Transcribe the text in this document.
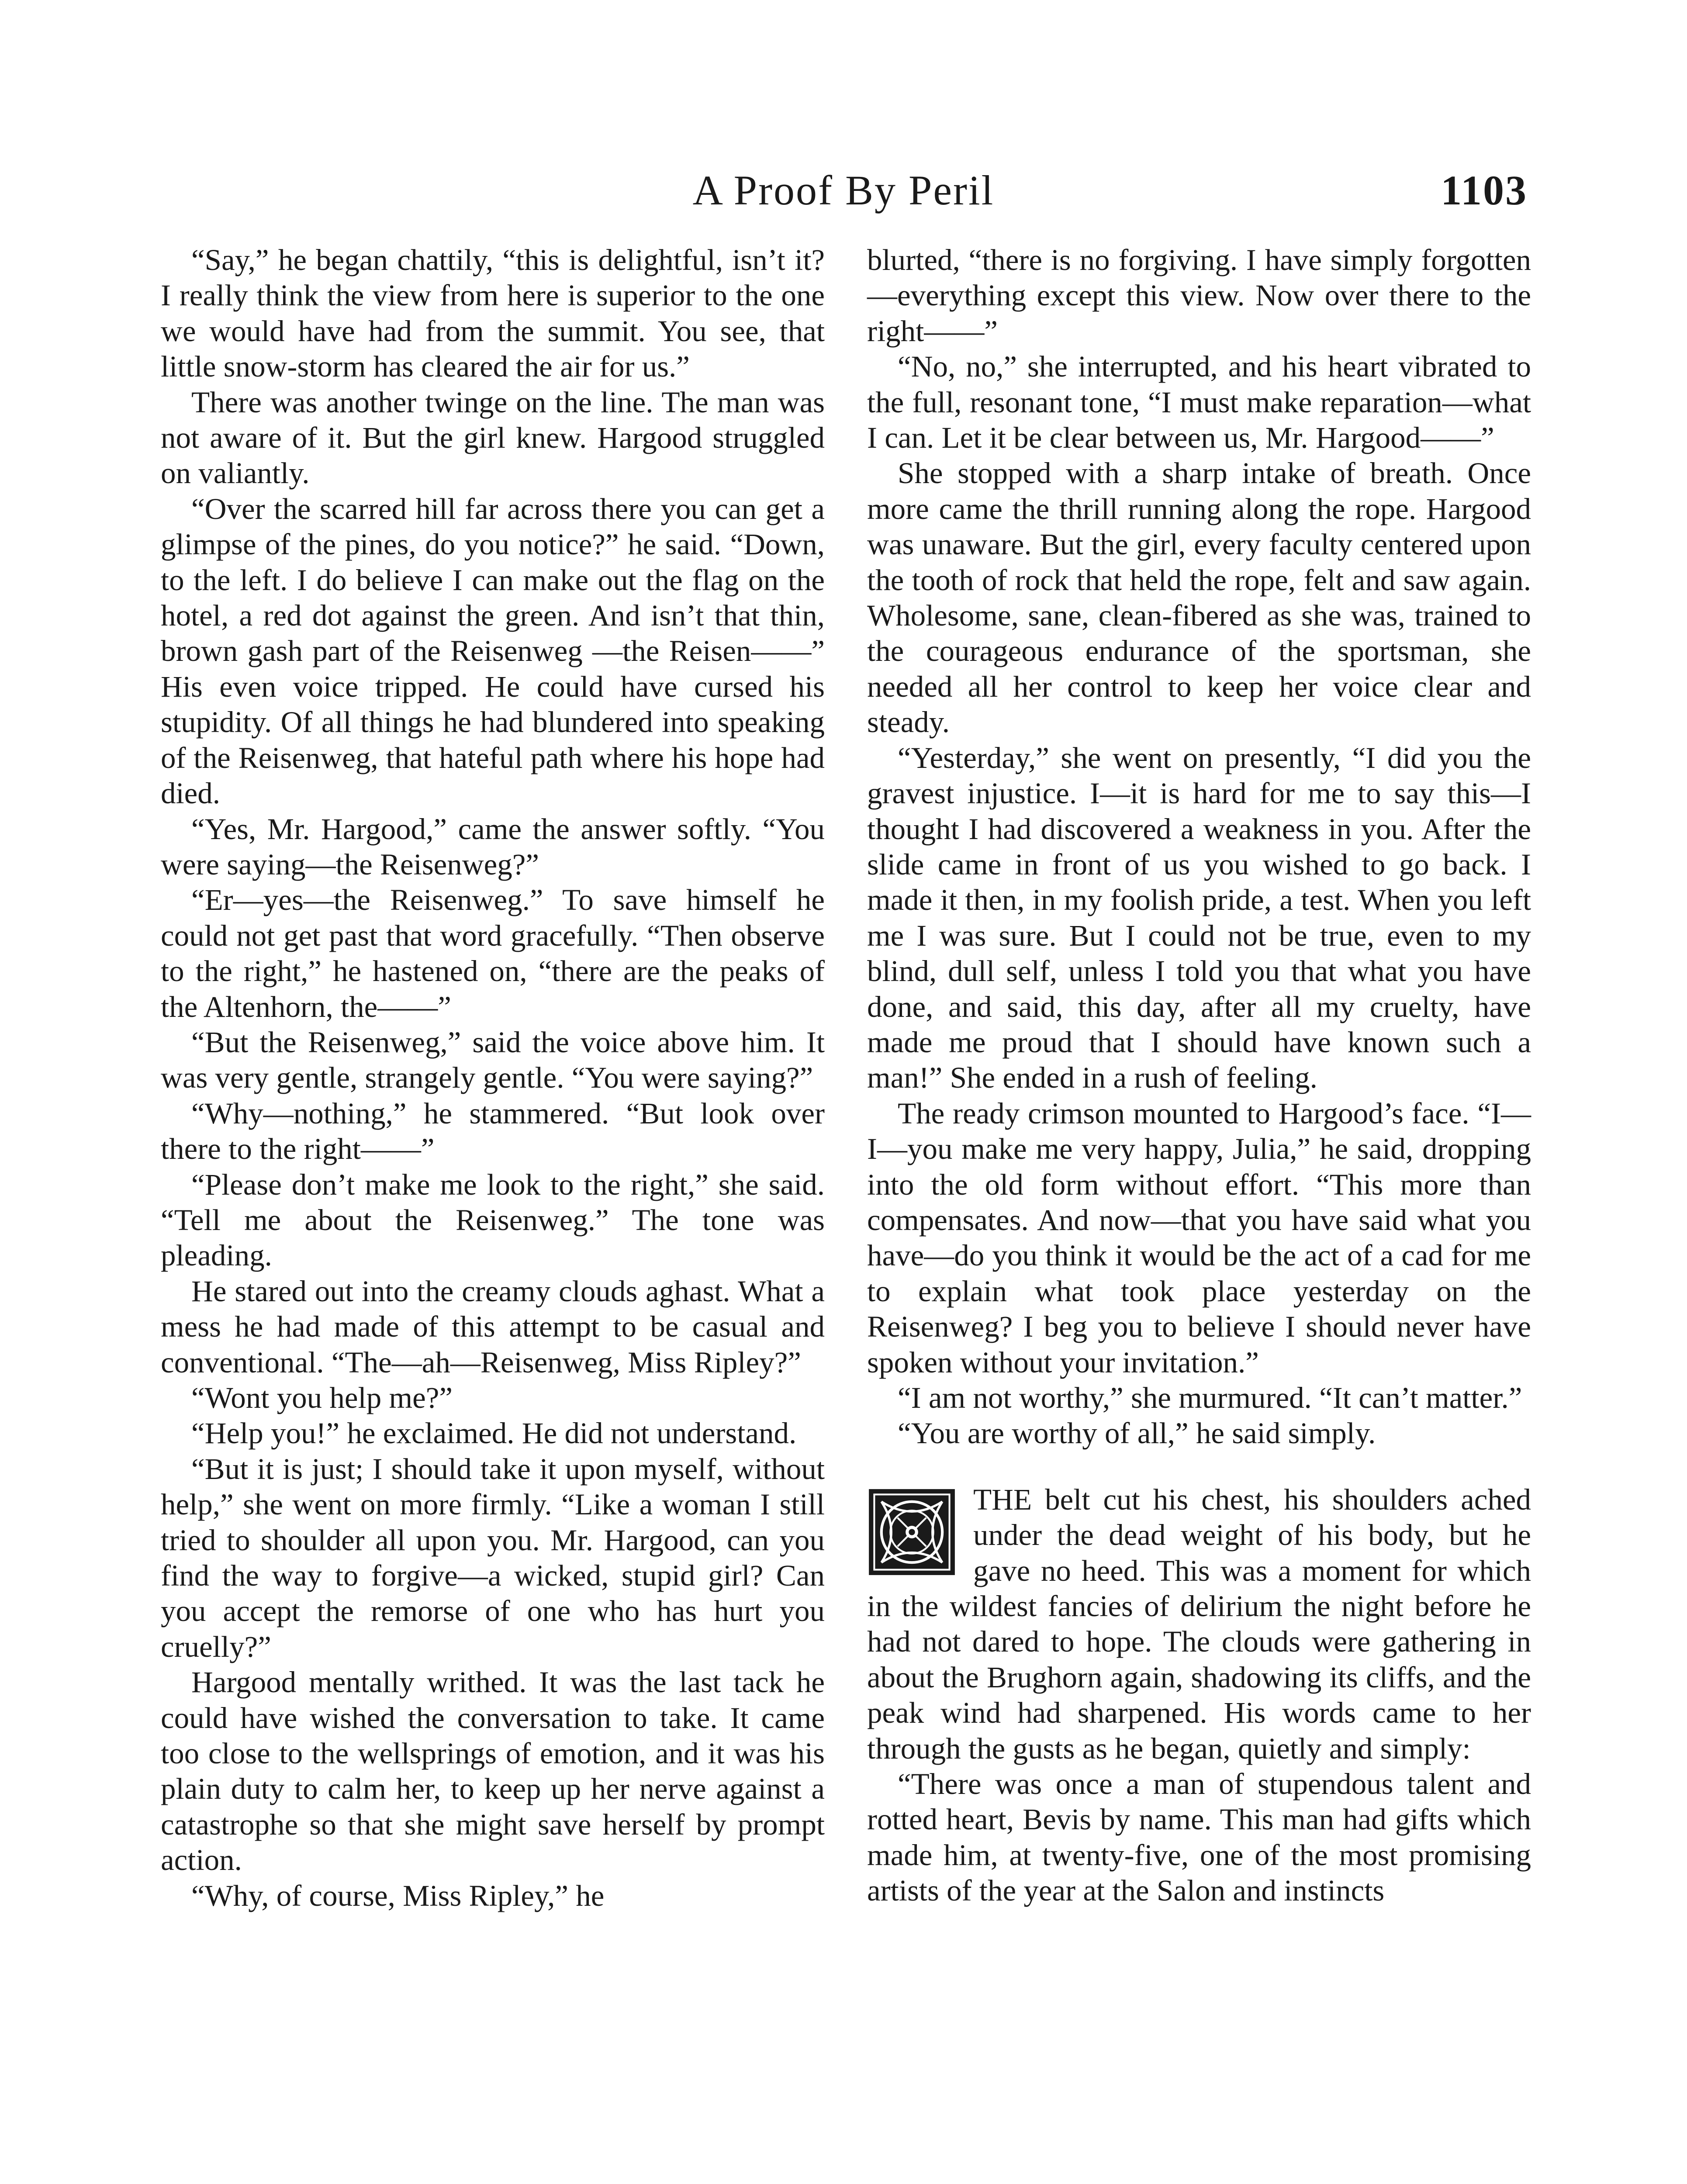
A Proof By Peril	1103

“Say,” he began chattily, “this is delightful, isn’t it? I really think the view from here is superior to the one we would have had from the summit. You see, that little snow-storm has cleared the air for us.”

There was another twinge on the line. The man was not aware of it. But the girl knew. Hargood struggled on valiantly.

“Over the scarred hill far across there you can get a glimpse of the pines, do you notice?” he said. “Down, to the left. I do believe I can make out the flag on the hotel, a red dot against the green. And isn’t that thin, brown gash part of the Reisenweg —the Reisen——” His even voice tripped. He could have cursed his stupidity. Of all things he had blundered into speaking of the Reisenweg, that hateful path where his hope had died.

“Yes, Mr. Hargood,” came the answer softly. “You were saying—the Reisenweg?”

“Er—yes—the Reisenweg.” To save himself he could not get past that word gracefully. “Then observe to the right,” he hastened on, “there are the peaks of the Altenhorn, the——”

“But the Reisenweg,” said the voice above him. It was very gentle, strangely gentle. “You were saying?”

“Why—nothing,” he stammered. “But look over there to the right——”

“Please don’t make me look to the right,” she said. “Tell me about the Reisenweg.” The tone was pleading.

He stared out into the creamy clouds aghast. What a mess he had made of this attempt to be casual and conventional. “The—ah—Reisenweg, Miss Ripley?”

“Wont you help me?”

“Help you!” he exclaimed. He did not understand.

“But it is just; I should take it upon myself, without help,” she went on more firmly. “Like a woman I still tried to shoulder all upon you. Mr. Hargood, can you find the way to forgive—a wicked, stupid girl? Can you accept the remorse of one who has hurt you cruelly?”

Hargood mentally writhed. It was the last tack he could have wished the conversation to take. It came too close to the wellsprings of emotion, and it was his plain duty to calm her, to keep up her nerve against a catastrophe so that she might save herself by prompt action.

“Why, of course, Miss Ripley,” he

blurted, “there is no forgiving. I have simply forgotten—everything except this view. Now over there to the right——”

“No, no,” she interrupted, and his heart vibrated to the full, resonant tone, “I must make reparation—what I can. Let it be clear between us, Mr. Hargood——”

She stopped with a sharp intake of breath. Once more came the thrill running along the rope. Hargood was unaware. But the girl, every faculty centered upon the tooth of rock that held the rope, felt and saw again. Wholesome, sane, clean-fibered as she was, trained to the courageous endurance of the sportsman, she needed all her control to keep her voice clear and steady.

“Yesterday,” she went on presently, “I did you the gravest injustice. I—it is hard for me to say this—I thought I had discovered a weakness in you. After the slide came in front of us you wished to go back. I made it then, in my foolish pride, a test. When you left me I was sure. But I could not be true, even to my blind, dull self, unless I told you that what you have done, and said, this day, after all my cruelty, have made me proud that I should have known such a man!” She ended in a rush of feeling.

The ready crimson mounted to Hargood’s face. “I—I—you make me very happy, Julia,” he said, dropping into the old form without effort. “This more than compensates. And now—that you have said what you have—do you think it would be the act of a cad for me to explain what took place yesterday on the Reisenweg? I beg you to believe I should never have spoken without your invitation.”

“I am not worthy,” she murmured. “It can’t matter.”

“You are worthy of all,” he said simply.

THE belt cut his chest, his shoulders ached under the dead weight of his body, but he gave no heed. This was a moment for which in the wildest fancies of delirium the night before he had not dared to hope. The clouds were gathering in about the Brughorn again, shadowing its cliffs, and the peak wind had sharpened. His words came to her through the gusts as he began, quietly and simply:

“There was once a man of stupendous talent and rotted heart, Bevis by name. This man had gifts which made him, at twenty-five, one of the most promising artists of the year at the Salon and instincts
